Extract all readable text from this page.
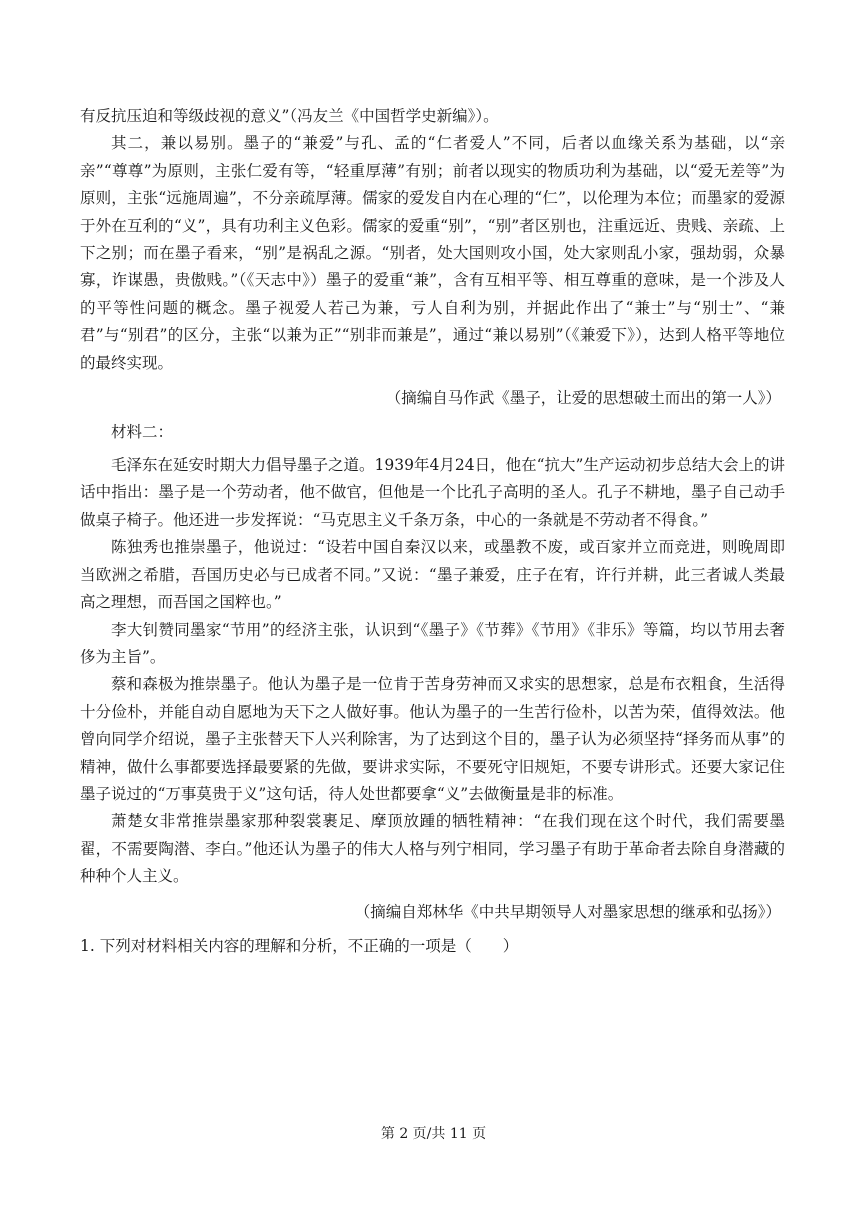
有反抗压迫和等级歧视的意义”（冯友兰《中国哲学史新编》）。

其二，兼以易别。墨子的“兼爱”与孔、孟的“仁者爱人”不同，后者以血缘关系为基础，以“亲亲”“尊尊”为原则，主张仁爱有等，“轻重厚薄”有别；前者以现实的物质功利为基础，以“爱无差等”为原则，主张“远施周遍”，不分亲疏厚薄。儒家的爱发自内在心理的“仁”，以伦理为本位；而墨家的爱源于外在互利的“义”，具有功利主义色彩。儒家的爱重“别”，“别”者区别也，注重远近、贵贱、亲疏、上下之别；而在墨子看来，“别”是祸乱之源。“别者，处大国则攻小国，处大家则乱小家，强劫弱，众暴寡，诈谋愚，贵傲贱。”（《天志中》）墨子的爱重“兼”，含有互相平等、相互尊重的意味，是一个涉及人的平等性问题的概念。墨子视爱人若己为兼，亏人自利为别，并据此作出了“兼士”与“别士”、“兼君”与“别君”的区分，主张“以兼为正”“别非而兼是”，通过“兼以易别”（《兼爱下》），达到人格平等地位的最终实现。

（摘编自马作武《墨子，让爱的思想破土而出的第一人》）

材料二：

毛泽东在延安时期大力倡导墨子之道。1939年4月24日，他在“抗大”生产运动初步总结大会上的讲话中指出：墨子是一个劳动者，他不做官，但他是一个比孔子高明的圣人。孔子不耕地，墨子自己动手做桌子椅子。他还进一步发挥说：“马克思主义千条万条，中心的一条就是不劳动者不得食。”

陈独秀也推崇墨子，他说过：“设若中国自秦汉以来，或墨教不废，或百家并立而竞进，则晚周即当欧洲之希腊，吾国历史必与已成者不同。”又说：“墨子兼爱，庄子在宥，许行并耕，此三者诚人类最高之理想，而吾国之国粹也。”

李大钊赞同墨家“节用”的经济主张，认识到“《墨子》《节葬》《节用》《非乐》等篇，均以节用去奢侈为主旨”。

蔡和森极为推崇墨子。他认为墨子是一位肯于苦身劳神而又求实的思想家，总是布衣粗食，生活得十分俭朴，并能自动自愿地为天下之人做好事。他认为墨子的一生苦行俭朴，以苦为荣，值得效法。他曾向同学介绍说，墨子主张替天下人兴利除害，为了达到这个目的，墨子认为必须坚持“择务而从事”的精神，做什么事都要选择最要紧的先做，要讲求实际，不要死守旧规矩，不要专讲形式。还要大家记住墨子说过的“万事莫贵于义”这句话，待人处世都要拿“义”去做衡量是非的标准。

萧楚女非常推崇墨家那种裂裳裹足、摩顶放踵的牺牲精神：“在我们现在这个时代，我们需要墨翟，不需要陶潜、李白。”他还认为墨子的伟大人格与列宁相同，学习墨子有助于革命者去除自身潜藏的种种个人主义。

（摘编自郑林华《中共早期领导人对墨家思想的继承和弘扬》）

1. 下列对材料相关内容的理解和分析，不正确的一项是（　　）

第 2 页/共 11 页
